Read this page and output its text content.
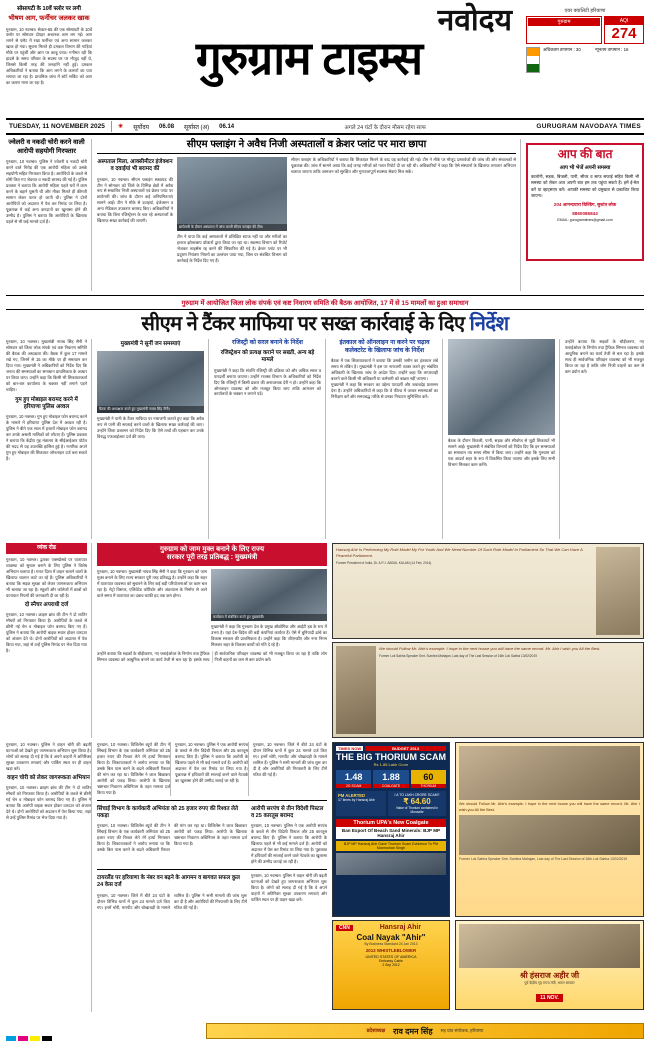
सोसायटी के 10वें फ्लोर पर लगी
भीषण आग, फर्नीचर जलकर खाक
गुरुग्राम, 10 नवम्बर। सेक्टर-65 की एक सोसायटी के 10वें फ्लोर पर सोमवार दोपहर अचानक आग लग गई। आग लगने से फ्लैट में रखा फर्नीचर एवं अन्य सामान जलकर खाक हो गया। सूचना मिलते ही दमकल विभाग की गाड़ियां मौके पर पहुंचीं और आग पर काबू पाया। गनीमत रही कि हादसे के समय परिवार के सदस्य घर पर मौजूद नहीं थे, जिससे किसी तरह की जनहानि नहीं हुई। दमकल अधिकारियों ने बताया कि आग लगने के कारणों का पता लगाया जा रहा है। प्राथमिक जांच में शॉर्ट सर्किट को आग का कारण माना जा रहा है।
नवोदय
गुरुग्राम टाइम्स
एयर क्वालिटी हरियाणा
गुरुग्राम	AQI
274
अधिकतम तापमान : 30	न्यूनतम तापमान : 16
TUESDAY, 11 NOVEMBER 2025 ☀ सूर्योदय 06.08 सूर्यास्त (अ) 06.14	अगले 24 घंटों के दौरान मौसम रहेगा साफ	GURUGRAM NAVODAYA TIMES
ज्वेलरी व नकदी चोरी करने वाली आरोपी सहयोगी गिरफ्तार
गुरुग्राम, 10 नवम्बर। पुलिस ने ज्वेलरी व नकदी चोरी करने वाले गिरोह की एक आरोपी महिला को उसके सहयोगी सहित गिरफ्तार किया है। आरोपियों के कब्जे से चोरी किए गए जेवरात व नकदी बरामद की गई है। पुलिस प्रवक्ता ने बताया कि आरोपी महिला पहले घरों में काम करने के बहाने घुसती थी और मौका मिलते ही कीमती सामान लेकर फरार हो जाती थी। पुलिस ने दोनों आरोपियों को अदालत में पेश कर रिमांड पर लिया है। पूछताछ में कई अन्य वारदातों का खुलासा होने की उम्मीद है। पुलिस ने बताया कि आरोपियों के खिलाफ पहले से भी कई मामले दर्ज हैं।
सीएम फ्लाइंग ने अवैध निजी अस्पतालों व क्रेशर प्लांट पर मारा छापा
अस्पताल मिला, आक्सीमीटर इंजेक्शन व दवाईयां भी बरामद कीं
गुरुग्राम, 10 नवम्बर। सीएम फ्लाइंग स्क्वायड की टीम ने सोमवार को जिले के विभिन्न क्षेत्रों में अवैध रूप से संचालित निजी अस्पतालों एवं क्रेशर प्लांट पर छापेमारी की। जांच के दौरान कई अनियमितताएं सामने आईं। टीम ने मौके से दवाइयां, इंजेक्शन व अन्य मेडिकल उपकरण बरामद किए। अधिकारियों ने बताया कि बिना रजिस्ट्रेशन के चल रहे अस्पतालों के खिलाफ सख्त कार्रवाई की जाएगी।
छापेमारी के दौरान अस्पताल में जांच करती सीएम फ्लाइंग की टीम।
टीम ने पाया कि कई अस्पतालों में प्रशिक्षित स्टाफ नहीं था और मरीजों का इलाज झोलाछाप डॉक्टरों द्वारा किया जा रहा था। स्वास्थ्य विभाग को रिपोर्ट भेजकर लाइसेंस रद्द करने की सिफारिश की गई है। क्रेशर प्लांट पर भी प्रदूषण नियंत्रण नियमों का उल्लंघन पाया गया, जिस पर संबंधित विभाग को कार्रवाई के निर्देश दिए गए हैं।
सीएम फ्लाइंग के अधिकारियों ने बताया कि शिकायत मिलने के बाद यह कार्रवाई की गई। टीम ने मौके पर मौजूद दस्तावेजों की जांच की और संचालकों से पूछताछ की। जांच में सामने आया कि कई जगह मरीजों को गलत रिपोर्ट दी जा रही थी। अधिकारियों ने कहा कि ऐसे संस्थानों के खिलाफ लगातार अभियान चलाया जाएगा ताकि आमजन को सुरक्षित और गुणवत्तापूर्ण स्वास्थ्य सेवाएं मिल सकें।
आप की बात
आप भी भेजें अपनी समस्या
कालोनी, सड़क, बिजली, पानी, सीवर व साफ सफाई सहित किसी भी समस्या को लेकर आप अपनी बात हम तक पहुंचा सकते हैं। हमें ई-मेल करें या व्हाट्सएप करें। आपकी समस्या को प्रमुखता से प्रकाशित किया जाएगा।
204 आनन्दधारा बिल्डिंग, सुशांत लोक
8860086844
EMAIL: gurugramtimes@gmail.com
गुरुग्राम में आयोजित जिला लोक संपर्क एवं कष्ट निवारण समिति की बैठक आयोजित, 17 में से 15 मामलों का हुआ समाधान
सीएम ने टैंकर माफिया पर सख्त कार्रवाई के दिए निर्देश
गुरुग्राम, 10 नवम्बर। मुख्यमंत्री नायब सिंह सैनी ने सोमवार को जिला लोक संपर्क एवं कष्ट निवारण समिति की बैठक की अध्यक्षता की। बैठक में कुल 17 मामले रखे गए, जिनमें से 15 का मौके पर ही समाधान कर दिया गया। मुख्यमंत्री ने अधिकारियों को निर्देश दिए कि जनता की समस्याओं का समाधान प्राथमिकता के आधार पर किया जाए। उन्होंने कहा कि किसी भी शिकायतकर्ता को बार-बार कार्यालय के चक्कर नहीं लगाने पड़ने चाहिए।
गुम हुए मोबाइल बरामद करने में हरियाणा पुलिस अव्वल
गुरुग्राम, 10 नवम्बर। गुम हुए मोबाइल फोन बरामद करने के मामले में हरियाणा पुलिस देश में अव्वल रही है। पुलिस ने बीते एक साल में हजारों मोबाइल फोन बरामद कर उनके असली मालिकों को लौटाए हैं। पुलिस प्रवक्ता ने बताया कि केंद्रीय गृह मंत्रालय के सीईआईआर पोर्टल की मदद से यह उपलब्धि हासिल हुई है। नागरिक अपने गुम हुए मोबाइल की शिकायत ऑनलाइन दर्ज करा सकते हैं।
मुख्यमंत्री ने सुनीं जन समस्याएं
बैठक की अध्यक्षता करते हुए मुख्यमंत्री नायब सिंह सैनी।
मुख्यमंत्री ने पानी के टैंकर माफिया पर नाराजगी जताते हुए कहा कि अवैध रूप से पानी की सप्लाई करने वालों के खिलाफ सख्त कार्रवाई की जाए। उन्होंने जिला प्रशासन को निर्देश दिए कि ऐसे तत्वों की पहचान कर उनके विरुद्ध एफआईआर दर्ज की जाए।
रजिस्ट्री को सरल बनाने के निर्देश
रजिस्ट्रेशन को प्रत्यक्ष कराने पर सख्ती, अन्य बड़े मामले
मुख्यमंत्री ने कहा कि संपत्ति रजिस्ट्री की प्रक्रिया को और अधिक सरल व पारदर्शी बनाया जाएगा। उन्होंने राजस्व विभाग के अधिकारियों को निर्देश दिए कि रजिस्ट्री में किसी प्रकार की अनावश्यक देरी न हो। उन्होंने कहा कि ऑनलाइन व्यवस्था को और मजबूत किया जाए ताकि आमजन को कार्यालयों के चक्कर न लगाने पड़ें।
इंतकाल को ऑनलाइन ना करने पर चढ़ाव कलेक्टरेट के खिलाफ जांच के निर्देश
बैठक में एक शिकायतकर्ता ने बताया कि उसकी जमीन का इंतकाल लंबे समय से लंबित है। मुख्यमंत्री ने इस पर नाराजगी व्यक्त करते हुए संबंधित अधिकारी के खिलाफ जांच के आदेश दिए। उन्होंने कहा कि लापरवाही बरतने वाले किसी भी अधिकारी या कर्मचारी को बख्शा नहीं जाएगा।
मुख्यमंत्री ने कहा कि सरकार का उद्देश्य पारदर्शी और जवाबदेह प्रशासन देना है। उन्होंने अधिकारियों से कहा कि वे फील्ड में जाकर समस्याओं का निरीक्षण करें और समयबद्ध तरीके से उनका निपटारा सुनिश्चित करें।
बैठक के दौरान बिजली, पानी, सड़क और सीवरेज से जुड़ी शिकायतें भी सामने आईं। मुख्यमंत्री ने संबंधित विभागों को निर्देश दिए कि इन समस्याओं का समाधान तय समय सीमा में किया जाए। उन्होंने कहा कि गुरुग्राम को एक आदर्श शहर के रूप में विकसित किया जाएगा और इसके लिए सभी विभाग मिलकर काम करेंगे।
उन्होंने बताया कि सड़कों के चौड़ीकरण, नए फ्लाईओवर के निर्माण तथा ट्रैफिक सिग्नल व्यवस्था को आधुनिक बनाने का कार्य तेजी से चल रहा है। इसके साथ ही सार्वजनिक परिवहन व्यवस्था को भी मजबूत किया जा रहा है ताकि लोग निजी वाहनों का कम से कम प्रयोग करें।
व्यंक रोड
गुरुग्राम, 10 नवम्बर। द्वारका एक्सप्रेसवे पर यातायात व्यवस्था को सुचारु बनाने के लिए पुलिस ने विशेष अभियान चलाया है। गलत दिशा में वाहन चलाने वालों के खिलाफ चालान काटे जा रहे हैं। पुलिस अधिकारियों ने बताया कि सड़क सुरक्षा को लेकर जागरूकता अभियान भी चलाया जा रहा है। स्कूलों और कॉलेजों में छात्रों को यातायात नियमों की जानकारी दी जा रही है।
दो स्नैचर अपराधी दर्ज
गुरुग्राम, 10 नवम्बर। क्राइम ब्रांच की टीम ने दो शातिर स्नैचरों को गिरफ्तार किया है। आरोपियों के कब्जे से छीनी गई चेन व मोबाइल फोन बरामद किए गए हैं। पुलिस ने बताया कि आरोपी बाइक सवार होकर वारदात को अंजाम देते थे। दोनों आरोपियों को अदालत में पेश किया गया, जहां से उन्हें पुलिस रिमांड पर भेज दिया गया है।
गुरुग्राम को जाम मुक्त बनाने के लिए राज्य
सरकार पूरी तरह प्रतिबद्ध : मुख्यमंत्री
गुरुग्राम, 10 नवम्बर। मुख्यमंत्री नायब सिंह सैनी ने कहा कि गुरुग्राम को जाम मुक्त बनाने के लिए राज्य सरकार पूरी तरह प्रतिबद्ध है। उन्होंने कहा कि शहर में यातायात व्यवस्था को सुधारने के लिए कई बड़ी परियोजनाओं पर काम चल रहा है। मेट्रो विस्तार, एलिवेटेड कॉरिडोर और अंडरपास के निर्माण से आने वाले समय में यातायात का दबाव काफी हद तक कम होगा।
कार्यक्रम में संबोधित करते हुए मुख्यमंत्री।
मुख्यमंत्री ने कहा कि गुरुग्राम देश के प्रमुख औद्योगिक और आईटी हब के रूप में उभरा है। यहां देश-विदेश की बड़ी कंपनियां कार्यरत हैं। ऐसे में बुनियादी ढांचे का विकास सरकार की प्राथमिकता है। उन्होंने कहा कि जीएमडीए और नगर निगम मिलकर शहर के विकास कार्यों को गति दे रहे हैं।
उन्होंने बताया कि सड़कों के चौड़ीकरण, नए फ्लाईओवर के निर्माण तथा ट्रैफिक सिग्नल व्यवस्था को आधुनिक बनाने का कार्य तेजी से चल रहा है। इसके साथ ही सार्वजनिक परिवहन व्यवस्था को भी मजबूत किया जा रहा है ताकि लोग निजी वाहनों का कम से कम प्रयोग करें।
Hansraj Ahir Is Performing My Role Model My For Youth And We Need Number Of Such Role Model In Parliament So That We Can Have A Peaceful Parliament.
Former President of India, Dr. A.P.J. ABDUL KALAM (14 Feb, 2014)
We should Follow Mr. Ahir's example. I hope in the next house you will have the same record. Mr. Ahir I wish you All the Best.
Former Lok Sabha Speaker Smt. Sumitra Mahajan, Last day of The Last Session of 16th Lok Sabha 13/02/2019
गुरुग्राम, 10 नवम्बर। पुलिस ने वाहन चोरी की बढ़ती घटनाओं को देखते हुए जागरूकता अभियान शुरू किया है। लोगों को सलाह दी गई है कि वे अपने वाहनों में अतिरिक्त सुरक्षा उपकरण लगवाएं और पार्किंग स्थल पर ही वाहन खड़ा करें।
वाहन चोरी को लेकर जागरूकता अभियान
गुरुग्राम, 10 नवम्बर। क्राइम ब्रांच की टीम ने दो शातिर स्नैचरों को गिरफ्तार किया है। आरोपियों के कब्जे से छीनी गई चेन व मोबाइल फोन बरामद किए गए हैं। पुलिस ने बताया कि आरोपी बाइक सवार होकर वारदात को अंजाम देते थे। दोनों आरोपियों को अदालत में पेश किया गया, जहां से उन्हें पुलिस रिमांड पर भेज दिया गया है।
गुरुग्राम, 10 नवम्बर। विजिलेंस ब्यूरो की टीम ने सिंचाई विभाग के एक कार्यकारी अभियंता को 25 हजार रुपए की रिश्वत लेते रंगे हाथों गिरफ्तार किया है। शिकायतकर्ता ने आरोप लगाया था कि उसके बिल पास करने के बदले अधिकारी रिश्वत की मांग कर रहा था। विजिलेंस ने जाल बिछाकर आरोपी को पकड़ लिया। आरोपी के खिलाफ भ्रष्टाचार निवारण अधिनियम के तहत मामला दर्ज किया गया है।
गुरुग्राम, 10 नवम्बर। पुलिस ने एक आरोपी सरपंच के कब्जे से तीन विदेशी पिस्टल और 25 कारतूस बरामद किए हैं। पुलिस ने बताया कि आरोपी के खिलाफ पहले से भी कई मामले दर्ज हैं। आरोपी को अदालत में पेश कर रिमांड पर लिया गया है। पूछताछ में हथियारों की सप्लाई करने वाले नेटवर्क का खुलासा होने की उम्मीद जताई जा रही है।
गुरुग्राम, 10 नवम्बर। जिले में बीते 24 घंटों के दौरान विभिन्न थानों में कुल 24 मामले दर्ज किए गए। इनमें चोरी, मारपीट और धोखाधड़ी के मामले शामिल हैं। पुलिस ने सभी मामलों की जांच शुरू कर दी है और आरोपियों की गिरफ्तारी के लिए टीमें गठित की गई हैं।
सिंचाई विभाग के कार्यकारी अभियंता को 25 हजार रुपए की रिश्वत लेते पकड़ा
गुरुग्राम, 10 नवम्बर। विजिलेंस ब्यूरो की टीम ने सिंचाई विभाग के एक कार्यकारी अभियंता को 25 हजार रुपए की रिश्वत लेते रंगे हाथों गिरफ्तार किया है। शिकायतकर्ता ने आरोप लगाया था कि उसके बिल पास करने के बदले अधिकारी रिश्वत की मांग कर रहा था। विजिलेंस ने जाल बिछाकर आरोपी को पकड़ लिया। आरोपी के खिलाफ भ्रष्टाचार निवारण अधिनियम के तहत मामला दर्ज किया गया है।
आरोपी सरपंच से तीन विदेशी पिस्टल व 25 कारतूस बरामद
गुरुग्राम, 10 नवम्बर। पुलिस ने एक आरोपी सरपंच के कब्जे से तीन विदेशी पिस्टल और 25 कारतूस बरामद किए हैं। पुलिस ने बताया कि आरोपी के खिलाफ पहले से भी कई मामले दर्ज हैं। आरोपी को अदालत में पेश कर रिमांड पर लिया गया है। पूछताछ में हथियारों की सप्लाई करने वाले नेटवर्क का खुलासा होने की उम्मीद जताई जा रही है।
टायरलैंड पर हरियाणा के नंबर वन बढ़ने के आगमन व बागवत सफल कुल 24 केस दर्ज
गुरुग्राम, 10 नवम्बर। जिले में बीते 24 घंटों के दौरान विभिन्न थानों में कुल 24 मामले दर्ज किए गए। इनमें चोरी, मारपीट और धोखाधड़ी के मामले शामिल हैं। पुलिस ने सभी मामलों की जांच शुरू कर दी है और आरोपियों की गिरफ्तारी के लिए टीमें गठित की गई हैं।
गुरुग्राम, 10 नवम्बर। पुलिस ने वाहन चोरी की बढ़ती घटनाओं को देखते हुए जागरूकता अभियान शुरू किया है। लोगों को सलाह दी गई है कि वे अपने वाहनों में अतिरिक्त सुरक्षा उपकरण लगवाएं और पार्किंग स्थल पर ही वाहन खड़ा करें।
TIMES NOW	BUDGET 2013
THE BIG THORIUM SCAM
Rs 1.86 Lakh Crore
1.48
2G SCAM
1.88
COALGATE
60
THORIUM
PM ALERTED
17 times by Hansraj Ahir
I A TO LAKH CRORE SCAM?
₹ 64.60
Value of Thorium contained in Monazite
Thorium UPA's New Coalgate
Ban Export Of Beach Sand Minerals: BJP MP Hansraj Ahir
BJP MP Hansraj Ahir Gave Thorium Scam Evidence To PM Manmohan Singh
CNN	Hansraj Ahir
Coal Nayak "Ahir"
By Business Standard 24 Jan 2013
2013 WHISTLEBLOWER
UNITED STATES OF AMERICA
Embassy Cable
2 Sep 2012
We should Follow Mr. Ahir's example. I hope in the next house you will have the same record. Mr. Ahir I wish you All the Best.
Former Lok Sabha Speaker Smt. Sumitra Mahajan, Last day of The Last Session of 16th Lok Sabha 13/02/2019
श्री हंसराज अहीर जी
पूर्व केंद्रीय गृह राज्य मंत्री, भारत सरकार
11 NOV.
प्रदेशाध्यक्ष राव दमन सिंह सह प्रांत संयोजक, हरियाणा
